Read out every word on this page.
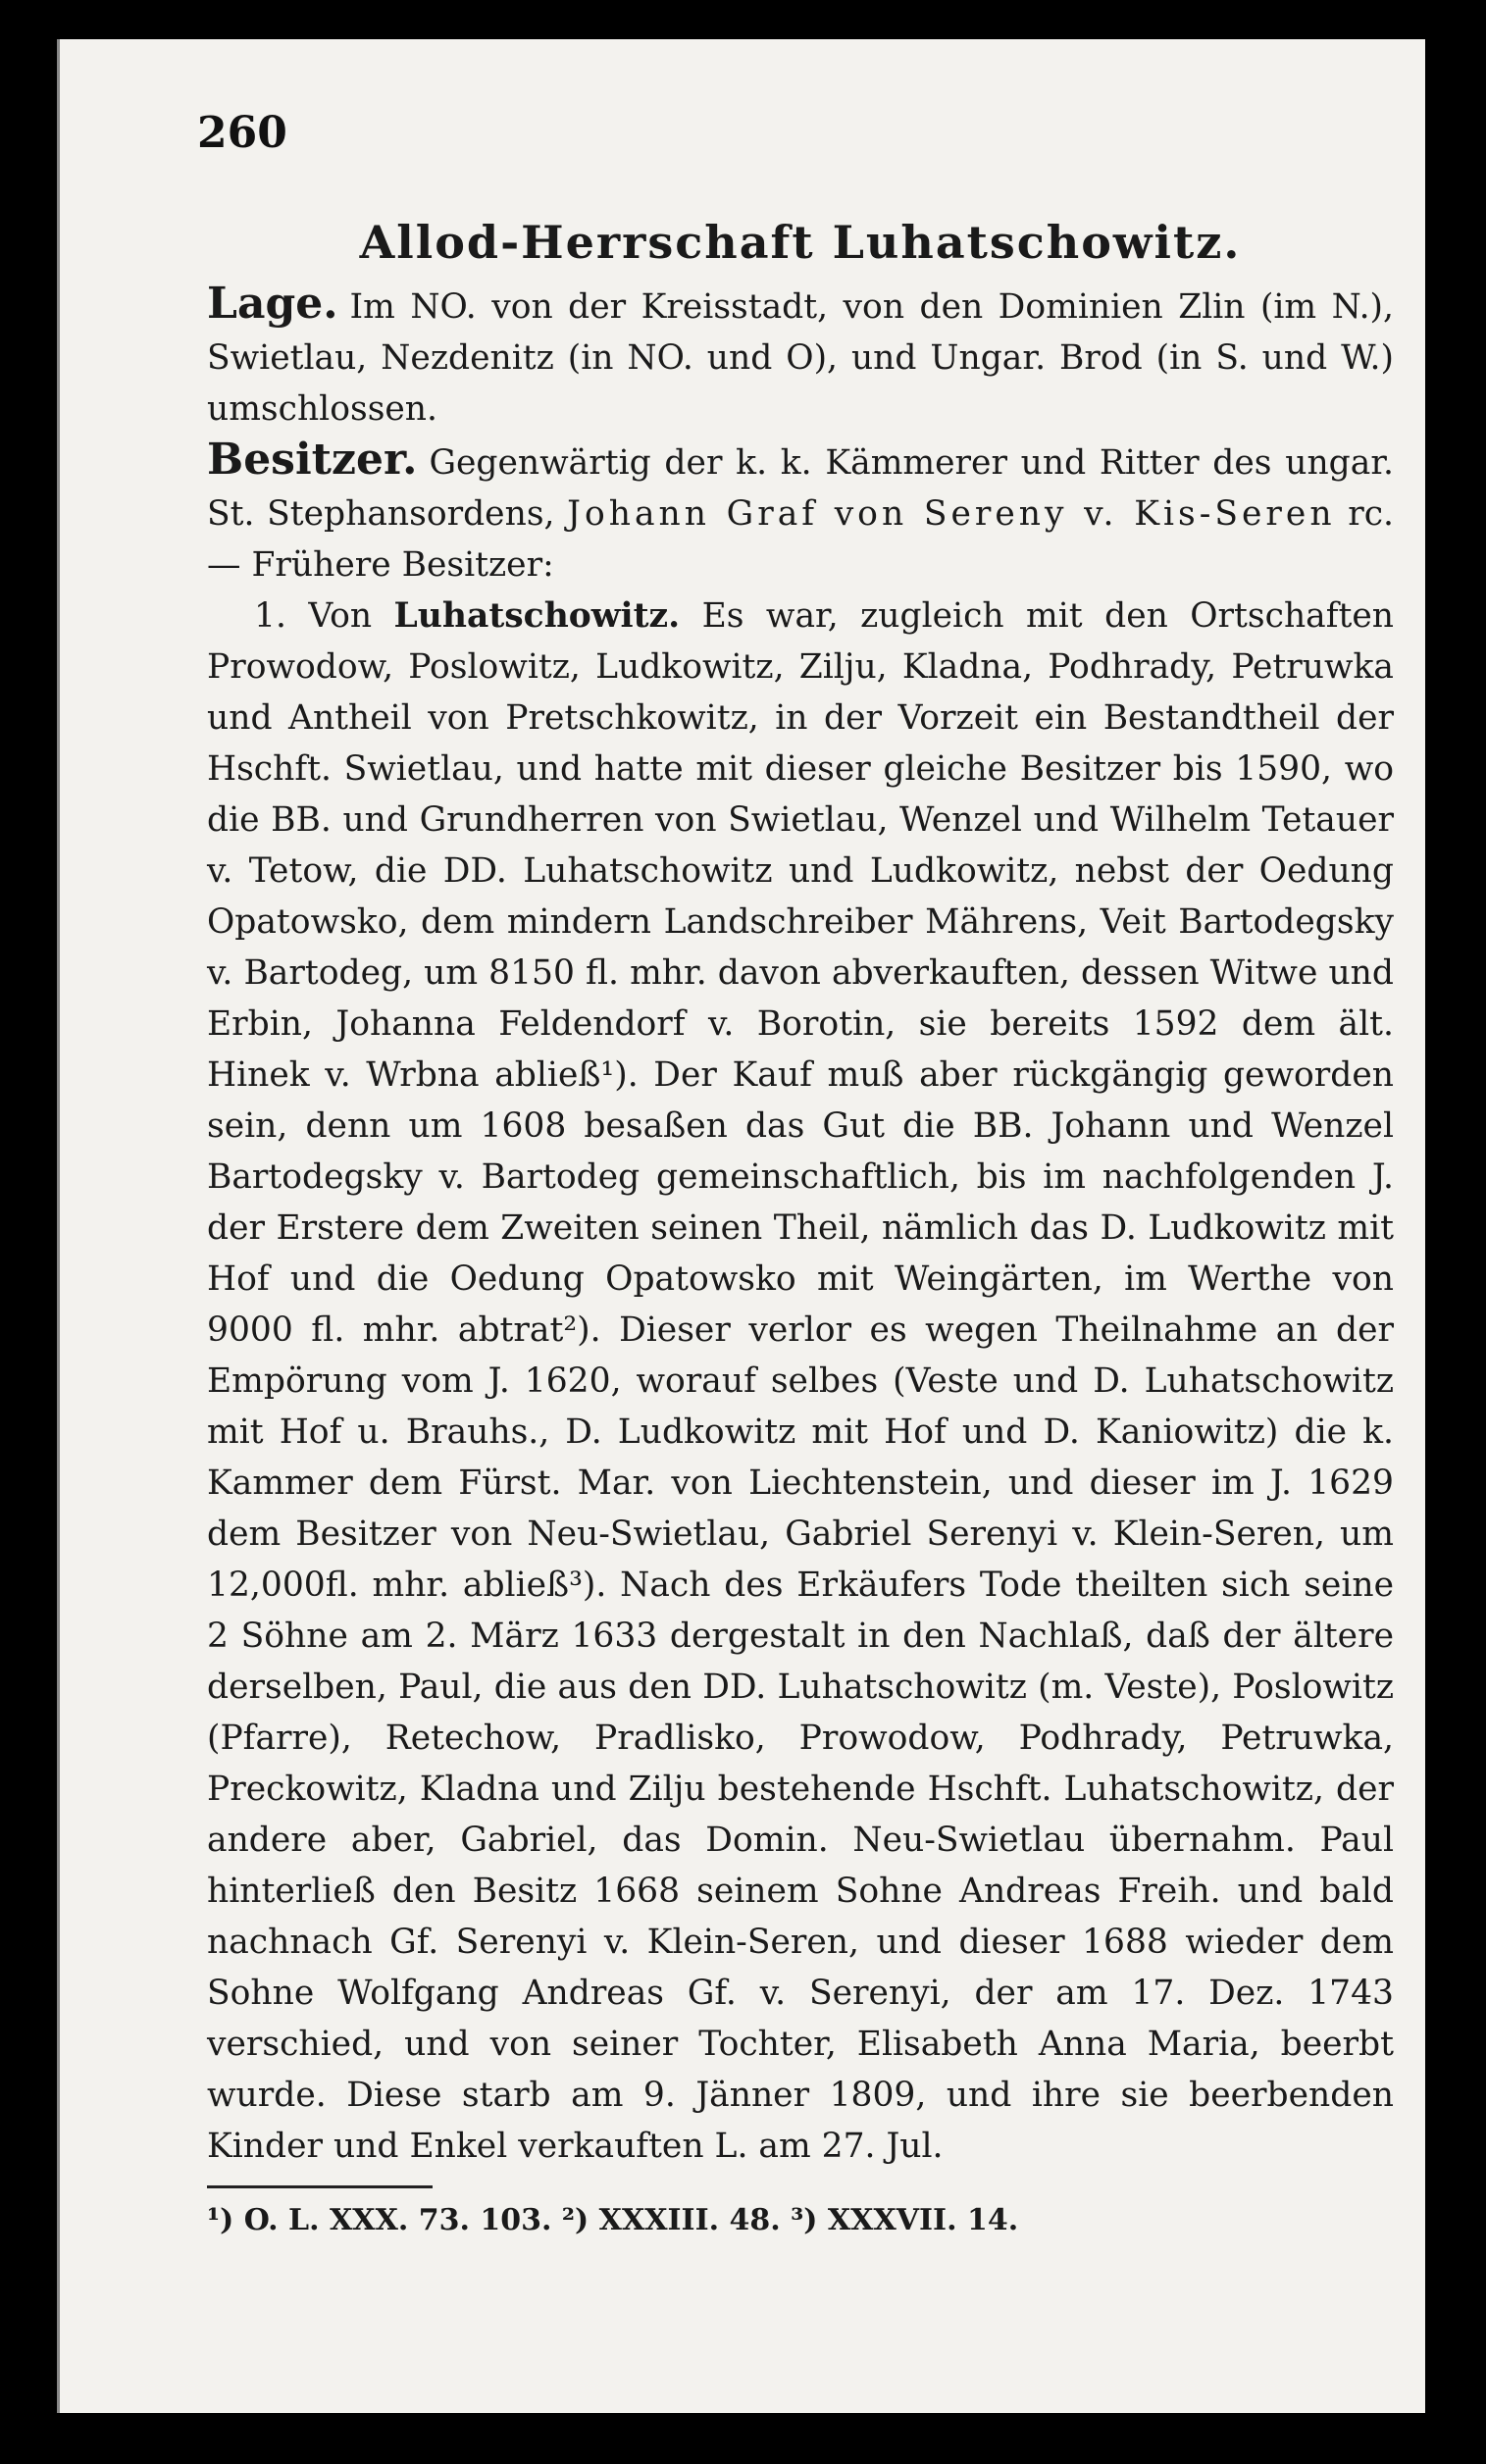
260
Allod-Herrschaft Luhatschowitz.

Lage. Im NO. von der Kreisstadt, von den Dominien Zlin (im N.), Swietlau, Nezdenitz (in NO. und O), und Ungar. Brod (in S. und W.) umschlossen.

Besitzer. Gegenwärtig der k. k. Kämmerer und Ritter des ungar. St. Stephansordens, Johann Graf von Sereny v. Kis-Seren rc. — Frühere Besitzer:

1. Von Luhatschowitz. Es war, zugleich mit den Ortschaften Prowodow, Poslowitz, Ludkowitz, Zilju, Kladna, Podhrady, Petruwka und Antheil von Pretschkowitz, in der Vorzeit ein Bestandtheil der Hschft. Swietlau, und hatte mit dieser gleiche Besitzer bis 1590, wo die BB. und Grundherren von Swietlau, Wenzel und Wilhelm Tetauer v. Tetow, die DD. Luhatschowitz und Ludkowitz, nebst der Oedung Opatowsko, dem mindern Landschreiber Mährens, Veit Bartodegsky v. Bartodeg, um 8150 fl. mhr. davon abverkauften, dessen Witwe und Erbin, Johanna Feldendorf v. Borotin, sie bereits 1592 dem ält. Hinek v. Wrbna abließ¹). Der Kauf muß aber rückgängig geworden sein, denn um 1608 besaßen das Gut die BB. Johann und Wenzel Bartodegsky v. Bartodeg gemeinschaftlich, bis im nachfolgenden J. der Erstere dem Zweiten seinen Theil, nämlich das D. Ludkowitz mit Hof und die Oedung Opatowsko mit Weingärten, im Werthe von 9000 fl. mhr. abtrat²). Dieser verlor es wegen Theilnahme an der Empörung vom J. 1620, worauf selbes (Veste und D. Luhatschowitz mit Hof u. Brauhs., D. Ludkowitz mit Hof und D. Kaniowitz) die k. Kammer dem Fürst. Mar. von Liechtenstein, und dieser im J. 1629 dem Besitzer von Neu-Swietlau, Gabriel Serenyi v. Klein-Seren, um 12,000fl. mhr. abließ³). Nach des Erkäufers Tode theilten sich seine 2 Söhne am 2. März 1633 dergestalt in den Nachlaß, daß der ältere derselben, Paul, die aus den DD. Luhatschowitz (m. Veste), Poslowitz (Pfarre), Retechow, Pradlisko, Prowodow, Podhrady, Petruwka, Preckowitz, Kladna und Zilju bestehende Hschft. Luhatschowitz, der andere aber, Gabriel, das Domin. Neu-Swietlau übernahm. Paul hinterließ den Besitz 1668 seinem Sohne Andreas Freih. und bald nachnach Gf. Serenyi v. Klein-Seren, und dieser 1688 wieder dem Sohne Wolfgang Andreas Gf. v. Serenyi, der am 17. Dez. 1743 verschied, und von seiner Tochter, Elisabeth Anna Maria, beerbt wurde. Diese starb am 9. Jänner 1809, und ihre sie beerbenden Kinder und Enkel verkauften L. am 27. Jul.

¹) O. L. XXX. 73. 103. ²) XXXIII. 48. ³) XXXVII. 14.
